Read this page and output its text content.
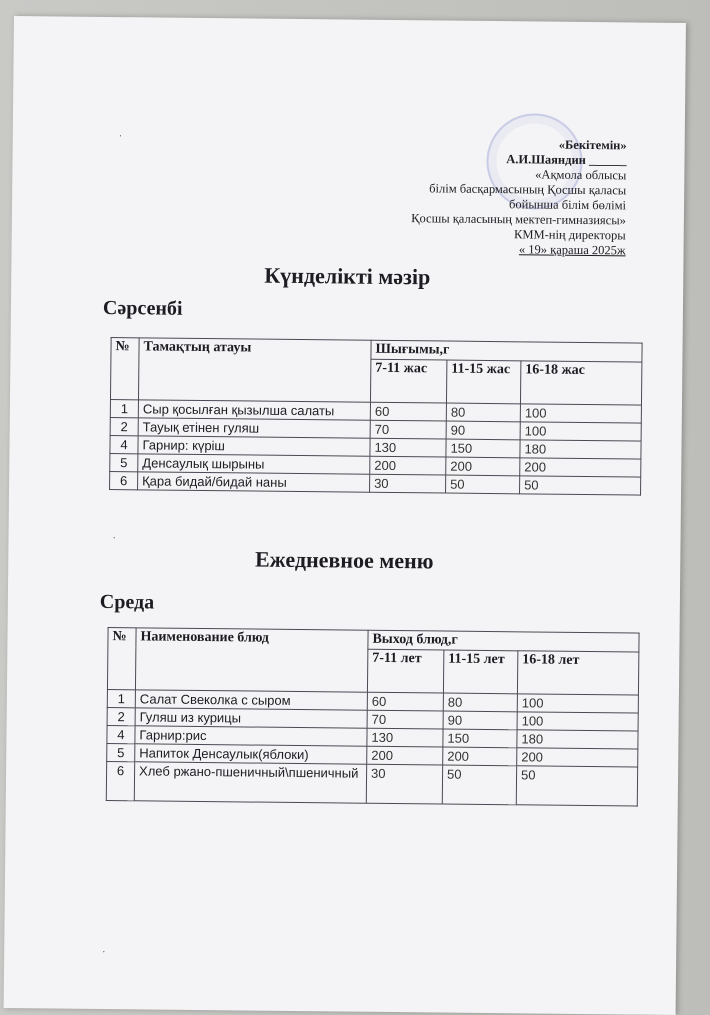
«Бекітемін»
А.И.Шаяндин ______
«Ақмола облысы
білім басқармасының Қосшы қаласы
бойынша білім бөлімі
Қосшы қаласының мектеп-гимназиясы»
КММ-нің директоры
« 19» қараша 2025ж
·
Күнделікті мәзір
Сәрсенбі
№	Тамақтың атауы	Шығымы,г		
		7-11 жас	11-15 жас	16-18 жас
1	Сыр қосылған қызылша салаты	60	80	100
2	Тауық етінен гуляш	70	90	100
4	Гарнир: күріш	130	150	180
5	Денсаулық шырыны	200	200	200
6	Қара бидай/бидай наны	30	50	50
·
Ежедневное меню
Среда
№	Наименование блюд	Выход блюд,г		
		7-11 лет	11-15 лет	16-18 лет
1	Салат Свеколка с сыром	60	80	100
2	Гуляш из курицы	70	90	100
4	Гарнир:рис	130	150	180
5	Напиток Денсаулык(яблоки)	200	200	200
6	Хлеб ржано-пшеничный\пшеничный	30	50	50
·
